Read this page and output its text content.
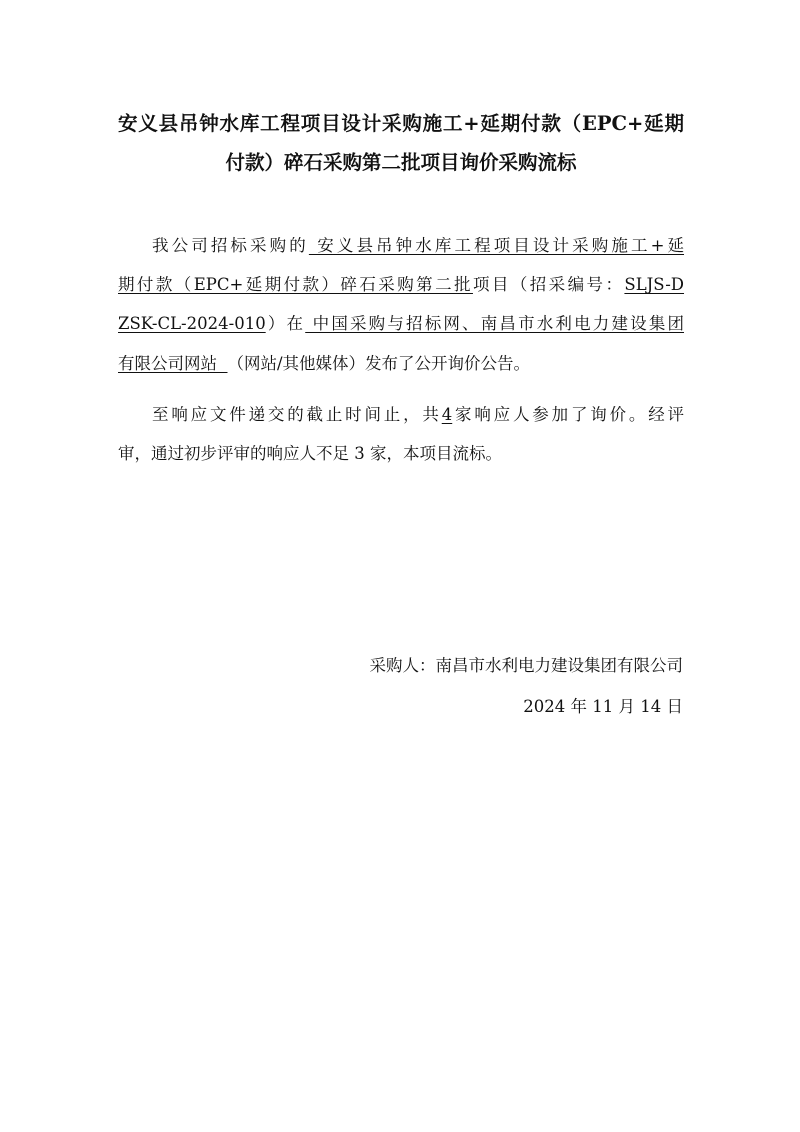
安义县吊钟水库工程项目设计采购施工+延期付款（EPC+延期
付款）碎石采购第二批项目询价采购流标
我公司招标采购的 安义县吊钟水库工程项目设计采购施工+延
期付款（EPC+延期付款）碎石采购第二批项目（招采编号：SLJS-D
ZSK-CL-2024-010）在 中国采购与招标网、南昌市水利电力建设集团
有限公司网站  （网站/其他媒体）发布了公开询价公告。
至响应文件递交的截止时间止，共4家响应人参加了询价。经评
审，通过初步评审的响应人不足 3 家，本项目流标。
采购人：南昌市水利电力建设集团有限公司
2024 年 11 月 14 日
